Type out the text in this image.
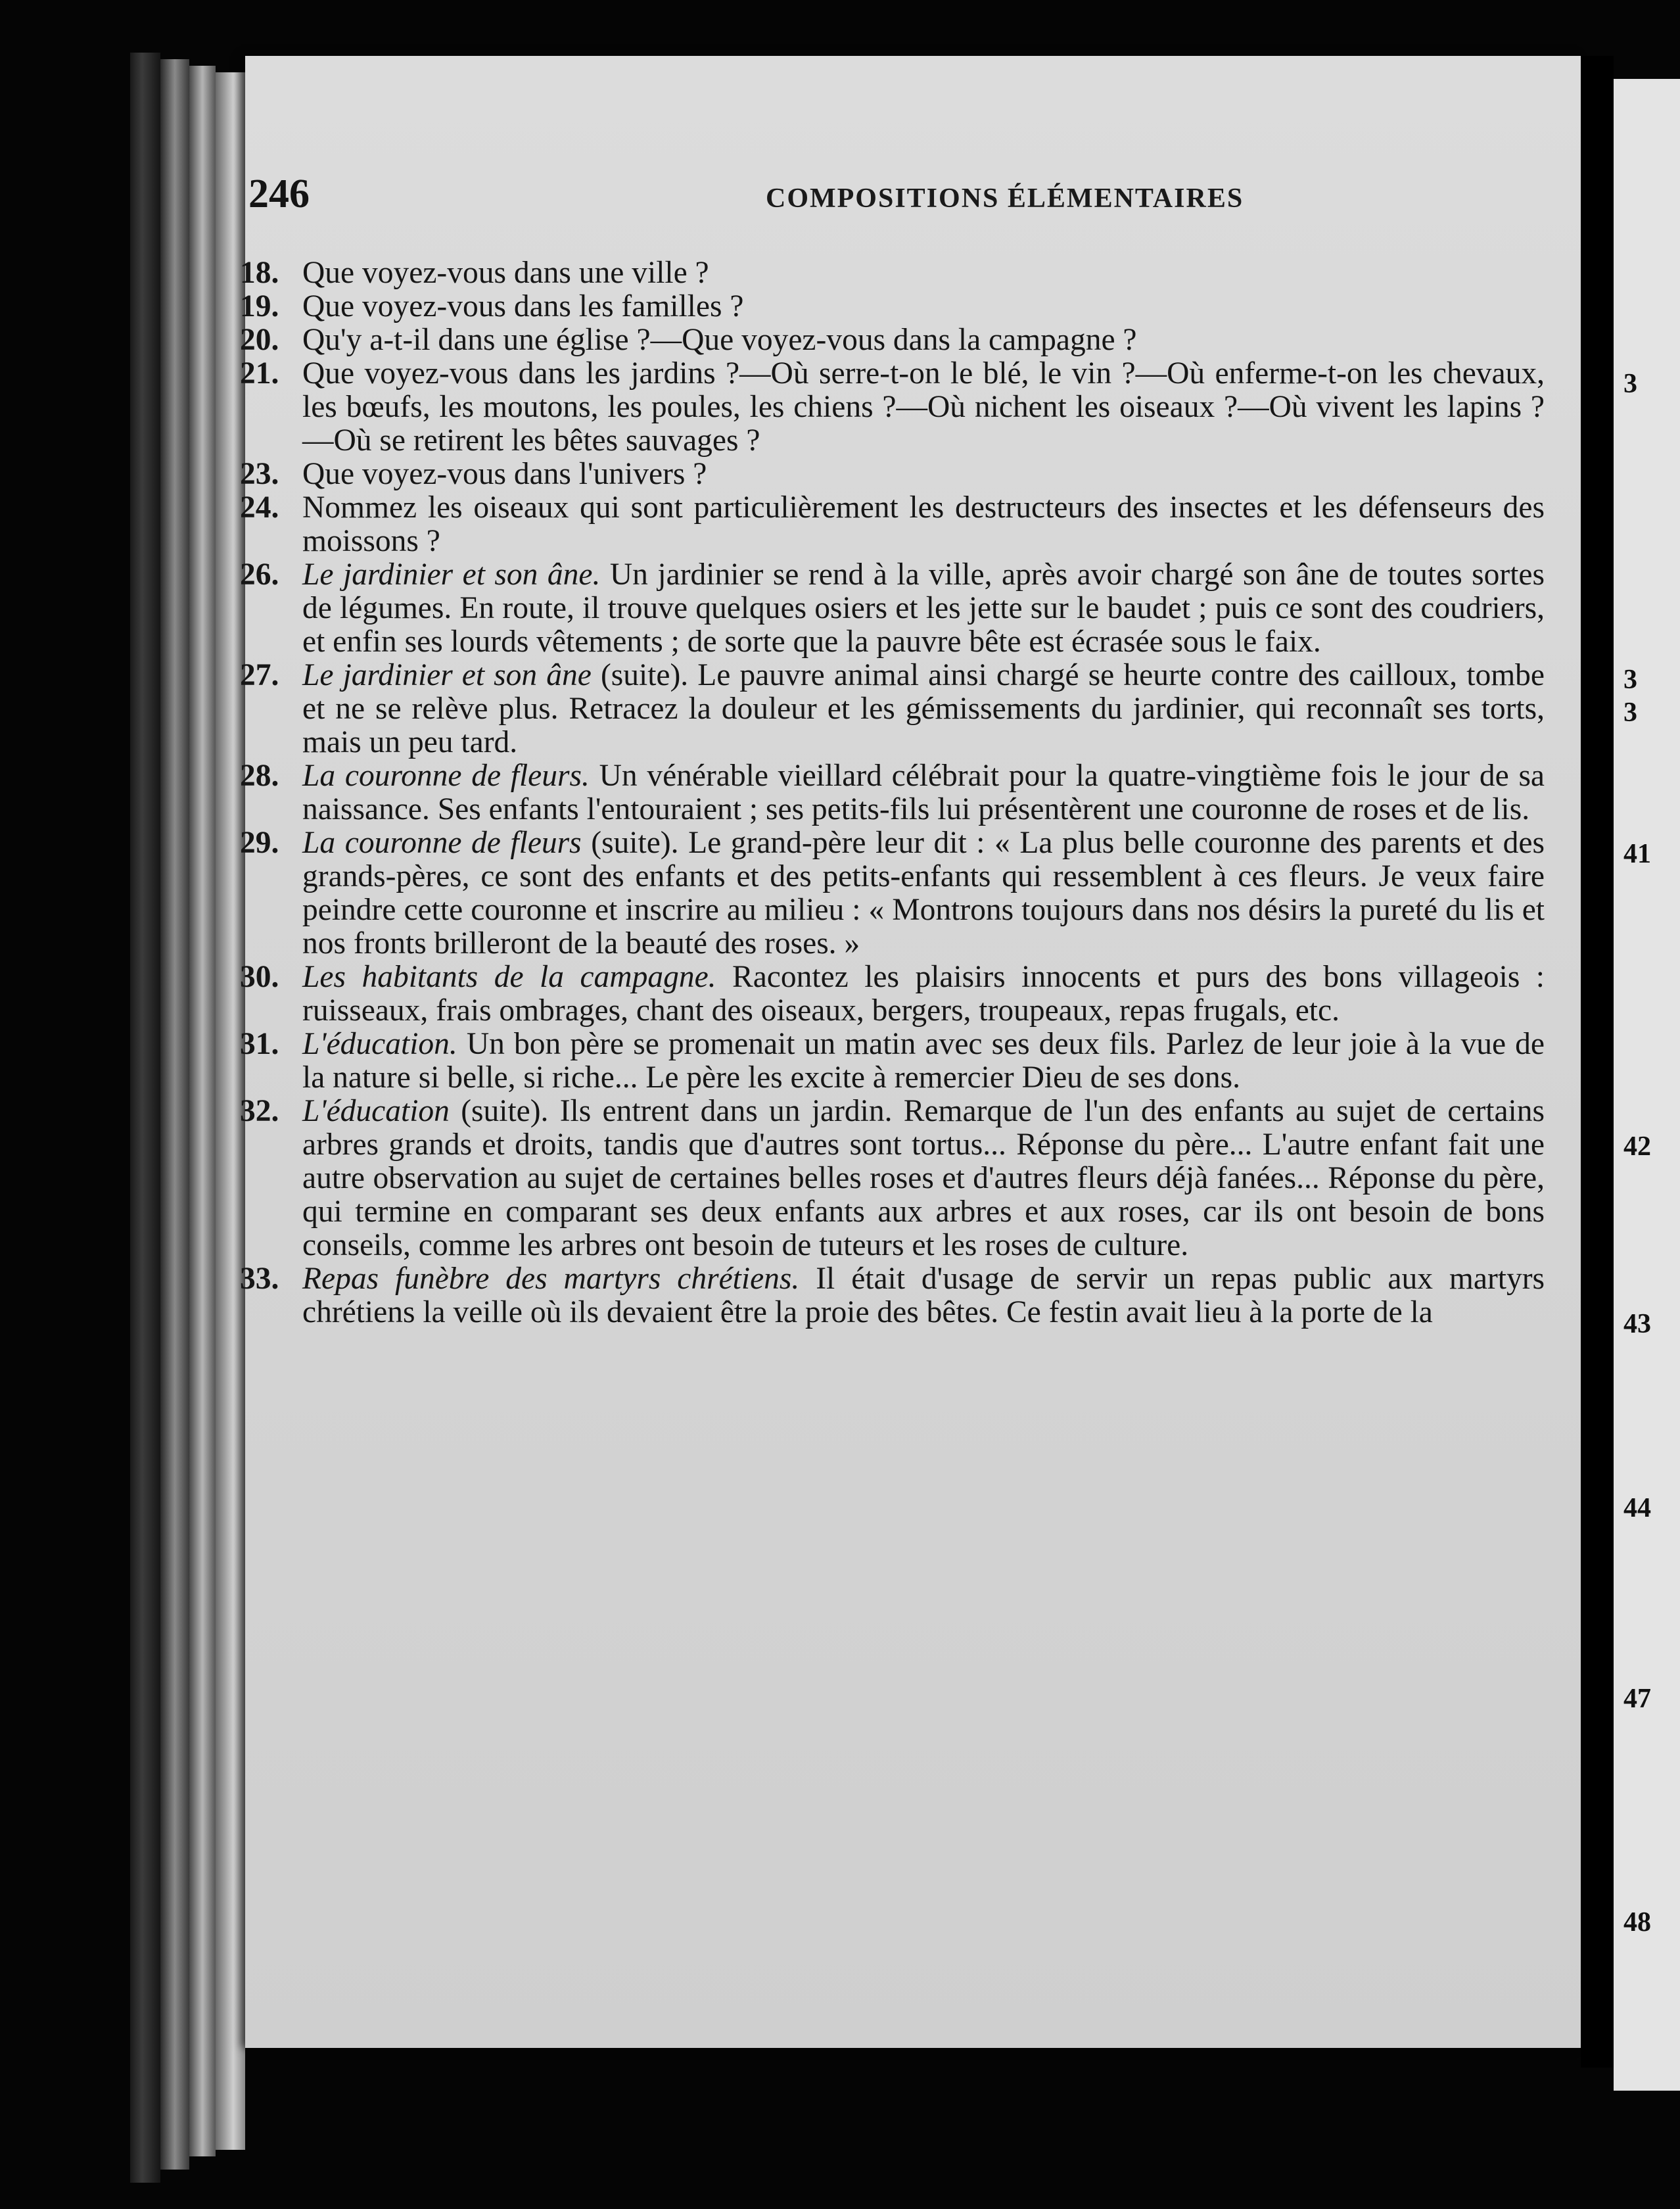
3
3
3
41
42
43
44
47
48
246	COMPOSITIONS ÉLÉMENTAIRES
18. Que voyez-vous dans une ville ?
19. Que voyez-vous dans les familles ?
20. Qu'y a-t-il dans une église ?—Que voyez-vous dans la campagne ?
21. Que voyez-vous dans les jardins ?—Où serre-t-on le blé, le vin ?—Où enferme-t-on les chevaux, les bœufs, les moutons, les poules, les chiens ?—Où nichent les oiseaux ?—Où vivent les lapins ?—Où se retirent les bêtes sauvages ?
23. Que voyez-vous dans l'univers ?
24. Nommez les oiseaux qui sont particulièrement les destructeurs des insectes et les défenseurs des moissons ?
26. Le jardinier et son âne. Un jardinier se rend à la ville, après avoir chargé son âne de toutes sortes de légumes. En route, il trouve quelques osiers et les jette sur le baudet ; puis ce sont des coudriers, et enfin ses lourds vêtements ; de sorte que la pauvre bête est écrasée sous le faix.
27. Le jardinier et son âne (suite). Le pauvre animal ainsi chargé se heurte contre des cailloux, tombe et ne se relève plus. Retracez la douleur et les gémissements du jardinier, qui reconnaît ses torts, mais un peu tard.
28. La couronne de fleurs. Un vénérable vieillard célébrait pour la quatre-vingtième fois le jour de sa naissance. Ses enfants l'entouraient ; ses petits-fils lui présentèrent une couronne de roses et de lis.
29. La couronne de fleurs (suite). Le grand-père leur dit : « La plus belle couronne des parents et des grands-pères, ce sont des enfants et des petits-enfants qui ressemblent à ces fleurs. Je veux faire peindre cette couronne et inscrire au milieu : « Montrons toujours dans nos désirs la pureté du lis et nos fronts brilleront de la beauté des roses. »
30. Les habitants de la campagne. Racontez les plaisirs innocents et purs des bons villageois : ruisseaux, frais ombrages, chant des oiseaux, bergers, troupeaux, repas frugals, etc.
31. L'éducation. Un bon père se promenait un matin avec ses deux fils. Parlez de leur joie à la vue de la nature si belle, si riche... Le père les excite à remercier Dieu de ses dons.
32. L'éducation (suite). Ils entrent dans un jardin. Remarque de l'un des enfants au sujet de certains arbres grands et droits, tandis que d'autres sont tortus... Réponse du père... L'autre enfant fait une autre observation au sujet de certaines belles roses et d'autres fleurs déjà fanées... Réponse du père, qui termine en comparant ses deux enfants aux arbres et aux roses, car ils ont besoin de bons conseils, comme les arbres ont besoin de tuteurs et les roses de culture.
33. Repas funèbre des martyrs chrétiens. Il était d'usage de servir un repas public aux martyrs chrétiens la veille où ils devaient être la proie des bêtes. Ce festin avait lieu à la porte de la
